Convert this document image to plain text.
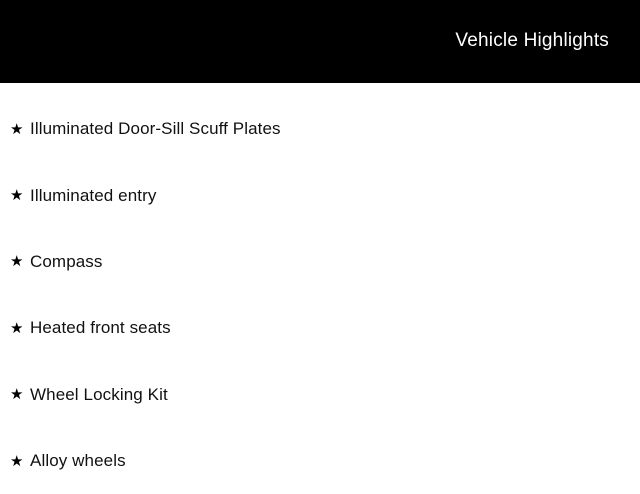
Vehicle Highlights
★ Illuminated Door-Sill Scuff Plates
★ Illuminated entry
★ Compass
★ Heated front seats
★ Wheel Locking Kit
★ Alloy wheels
